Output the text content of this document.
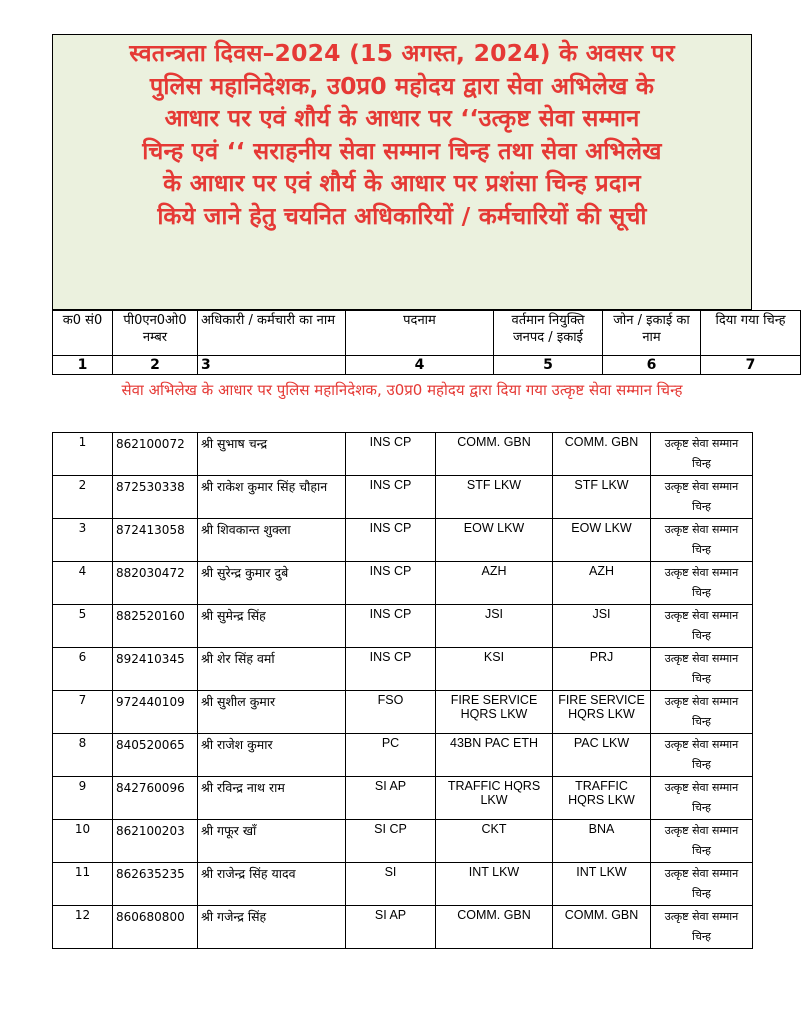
स्वतन्त्रता दिवस–2024 (15 अगस्त, 2024) के अवसर पर

पुलिस महानिदेशक, उ0प्र0 महोदय द्वारा सेवा अभिलेख के

आधार पर एवं शौर्य के आधार पर ‘‘उत्कृष्ट सेवा सम्मान

चिन्ह एवं ‘‘ सराहनीय सेवा सम्मान चिन्ह तथा सेवा अभिलेख

के आधार पर एवं शौर्य के आधार पर प्रशंसा चिन्ह प्रदान

किये जाने हेतु चयनित अधिकारियों / कर्मचारियों की सूची

क0 सं0	पी0एन0ओ0 नम्बर	अधिकारी / कर्मचारी का नाम	पदनाम	वर्तमान नियुक्ति जनपद / इकाई	जोन / इकाई का नाम	दिया गया चिन्ह
1	2	3	4	5	6	7
सेवा अभिलेख के आधार पर पुलिस महानिदेशक, उ0प्र0 महोदय द्वारा दिया गया उत्कृष्ट सेवा सम्मान चिन्ह
1	862100072	श्री सुभाष चन्द्र	INS CP	COMM. GBN	COMM. GBN	उत्कृष्ट सेवा सम्मान चिन्ह
2	872530338	श्री राकेश कुमार सिंह चौहान	INS CP	STF LKW	STF LKW	उत्कृष्ट सेवा सम्मान चिन्ह
3	872413058	श्री शिवकान्त शुक्ला	INS CP	EOW LKW	EOW LKW	उत्कृष्ट सेवा सम्मान चिन्ह
4	882030472	श्री सुरेन्द्र कुमार दुबे	INS CP	AZH	AZH	उत्कृष्ट सेवा सम्मान चिन्ह
5	882520160	श्री सुमेन्द्र सिंह	INS CP	JSI	JSI	उत्कृष्ट सेवा सम्मान चिन्ह
6	892410345	श्री शेर सिंह वर्मा	INS CP	KSI	PRJ	उत्कृष्ट सेवा सम्मान चिन्ह
7	972440109	श्री सुशील कुमार	FSO	FIRE SERVICE HQRS LKW	FIRE SERVICE HQRS LKW	उत्कृष्ट सेवा सम्मान चिन्ह
8	840520065	श्री राजेश कुमार	PC	43BN PAC ETH	PAC LKW	उत्कृष्ट सेवा सम्मान चिन्ह
9	842760096	श्री रविन्द्र नाथ राम	SI AP	TRAFFIC HQRS LKW	TRAFFIC HQRS LKW	उत्कृष्ट सेवा सम्मान चिन्ह
10	862100203	श्री गफूर खाँ	SI CP	CKT	BNA	उत्कृष्ट सेवा सम्मान चिन्ह
11	862635235	श्री राजेन्द्र सिंह यादव	SI	INT LKW	INT LKW	उत्कृष्ट सेवा सम्मान चिन्ह
12	860680800	श्री गजेन्द्र सिंह	SI AP	COMM. GBN	COMM. GBN	उत्कृष्ट सेवा सम्मान चिन्ह
